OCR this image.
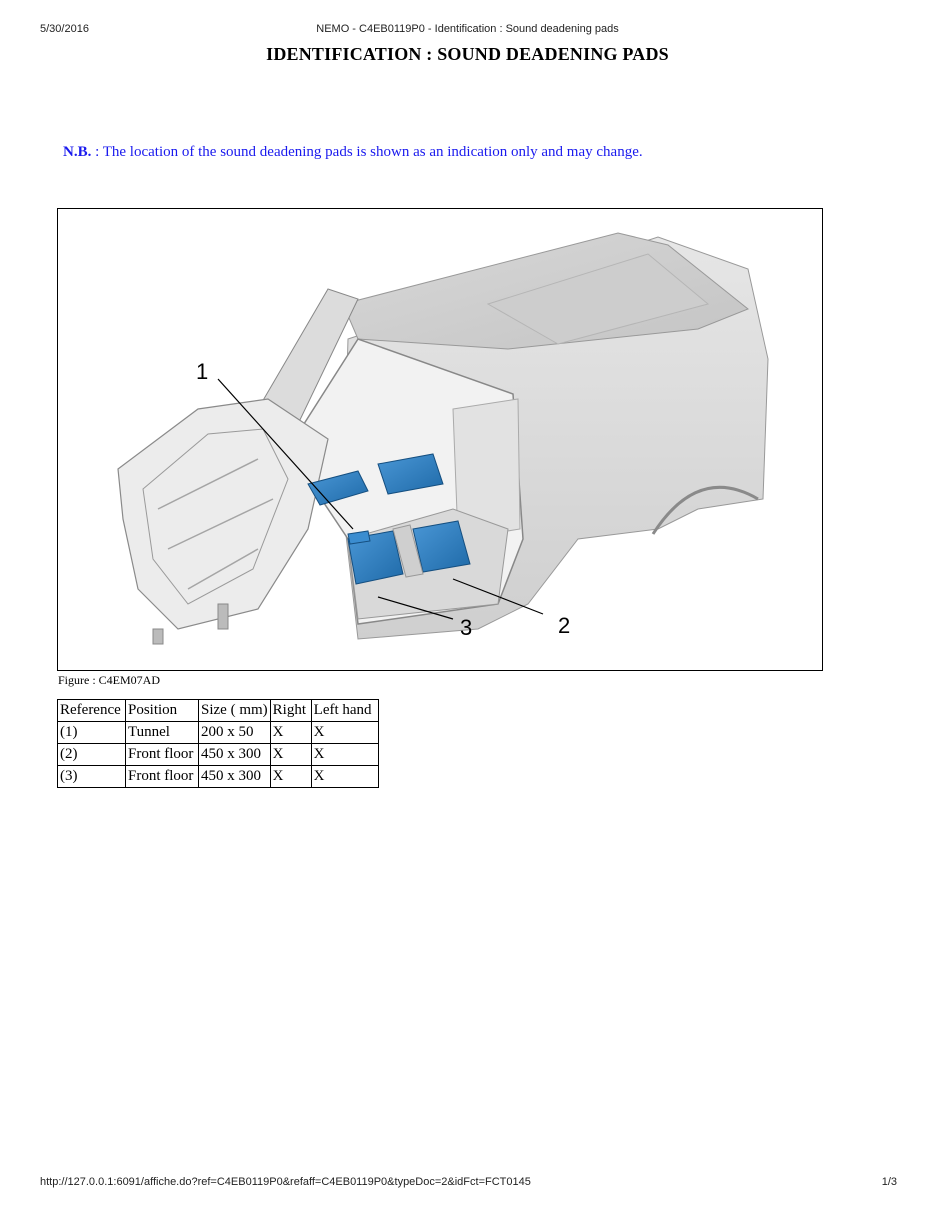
5/30/2016	NEMO - C4EB0119P0 - Identification : Sound deadening pads
IDENTIFICATION : SOUND DEADENING PADS
N.B. : The location of the sound deadening pads is shown as an indication only and may change.
1
2
3
Figure : C4EM07AD
Reference	Position	Size ( mm)	Right	Left hand
(1)	Tunnel	200 x 50	X	X
(2)	Front floor	450 x 300	X	X
(3)	Front floor	450 x 300	X	X
http://127.0.0.1:6091/affiche.do?ref=C4EB0119P0&refaff=C4EB0119P0&typeDoc=2&idFct=FCT0145	1/3
